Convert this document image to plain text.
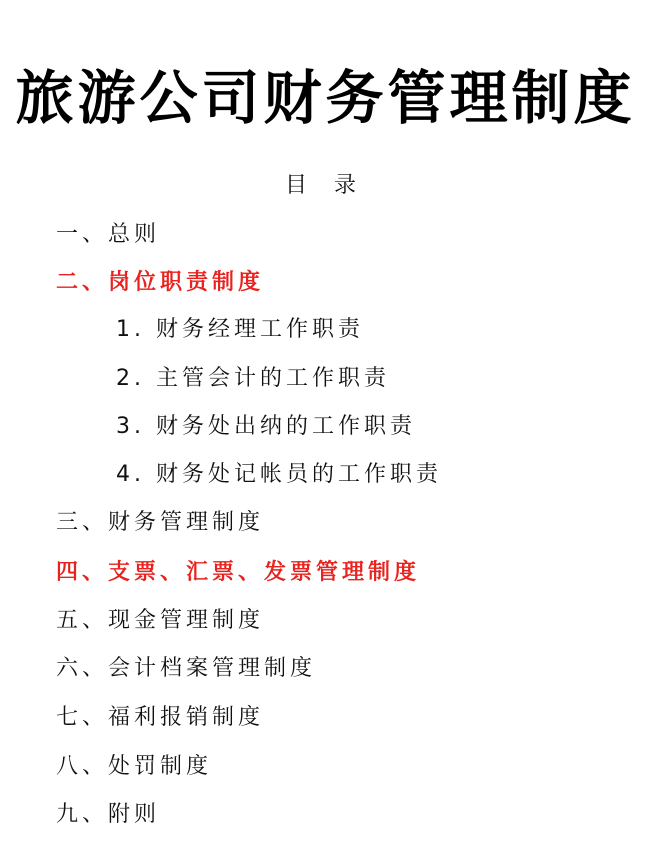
旅游公司财务管理制度
目 录
一、总则
二、岗位职责制度
1. 财务经理工作职责
2. 主管会计的工作职责
3. 财务处出纳的工作职责
4. 财务处记帐员的工作职责
三、财务管理制度
四、支票、汇票、发票管理制度
五、现金管理制度
六、会计档案管理制度
七、福利报销制度
八、处罚制度
九、附则
